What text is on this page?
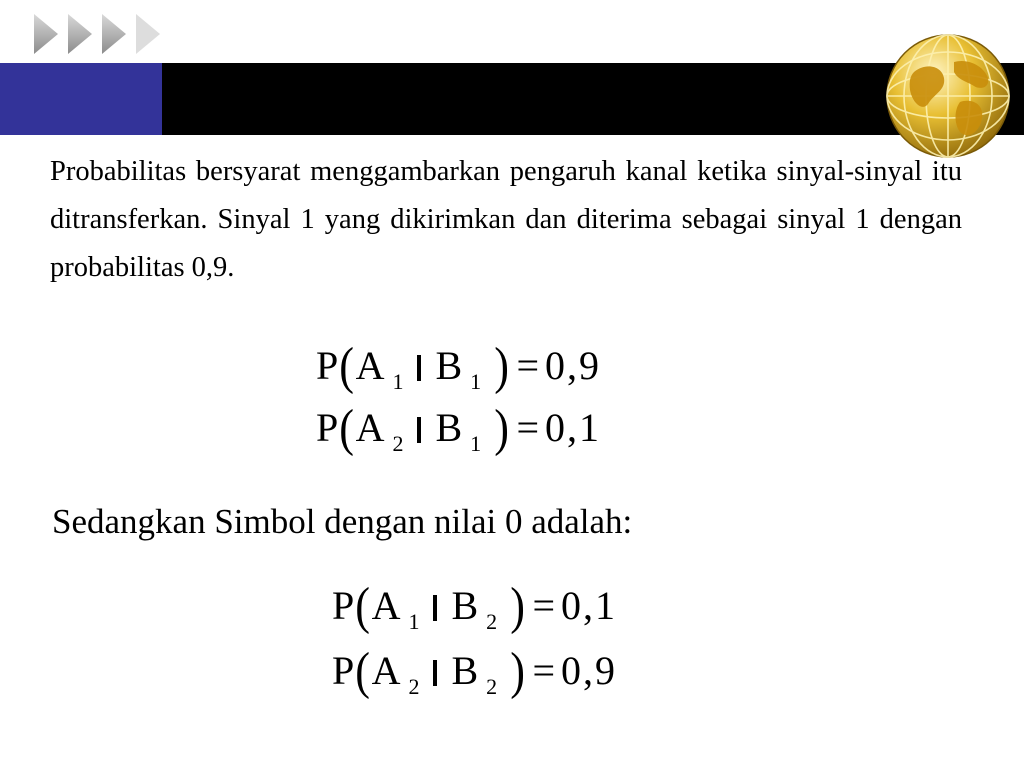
Probabilitas bersyarat menggambarkan pengaruh kanal ketika sinyal-sinyal itu ditransferkan. Sinyal 1 yang dikirimkan dan diterima sebagai sinyal 1 dengan probabilitas 0,9.
P(A 1 B 1 ) = 0,9
P(A 2 B 1 ) = 0,1
Sedangkan Simbol dengan nilai 0 adalah:
P(A 1 B 2 ) = 0,1
P(A 2 B 2 ) = 0,9
